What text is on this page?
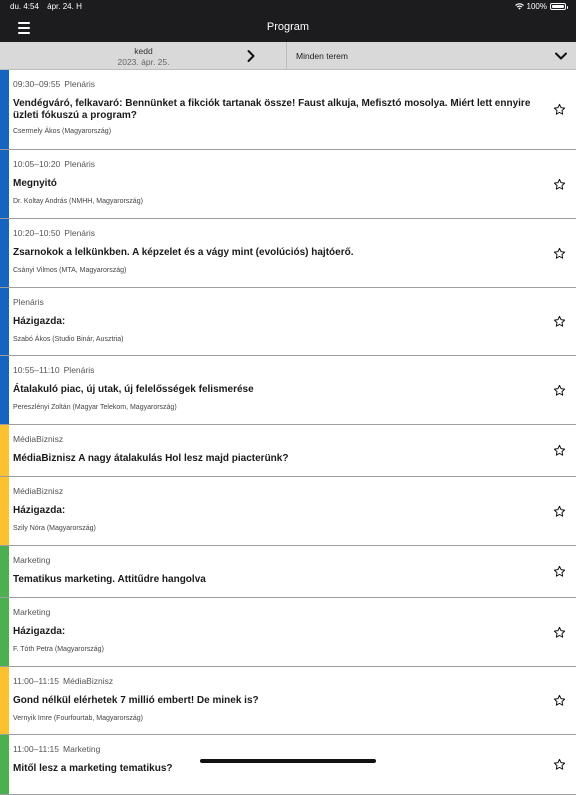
du. 4:54 ápr. 24. H	100%
Program
kedd
2023. ápr. 25.
Minden terem
09:30–09:55 Plenáris
Vendégváró, felkavaró: Bennünket a fikciók tartanak össze! Faust alkuja, Mefisztó mosolya. Miért lett ennyire üzleti fókuszú a program?
Csermely Ákos (Magyarország)
10:05–10:20 Plenáris
Megnyitó
Dr. Koltay András (NMHH, Magyarország)
10:20–10:50 Plenáris
Zsarnokok a lelkünkben. A képzelet és a vágy mint (evolúciós) hajtóerő.
Csányi Vilmos (MTA, Magyarország)
Plenáris
Házigazda:
Szabó Ákos (Studio Binár, Ausztria)
10:55–11:10 Plenáris
Átalakuló piac, új utak, új felelősségek felismerése
Pereszlényi Zoltán (Magyar Telekom, Magyarország)
MédiaBiznisz
MédiaBiznisz A nagy átalakulás Hol lesz majd piacterünk?
MédiaBiznisz
Házigazda:
Szily Nóra (Magyarország)
Marketing
Tematikus marketing. Attitűdre hangolva
Marketing
Házigazda:
F. Tóth Petra (Magyarország)
11:00–11:15 MédiaBiznisz
Gond nélkül elérhetek 7 millió embert! De minek is?
Vernyik Imre (Fourfourtab, Magyarország)
11:00–11:15 Marketing
Mitől lesz a marketing tematikus?
